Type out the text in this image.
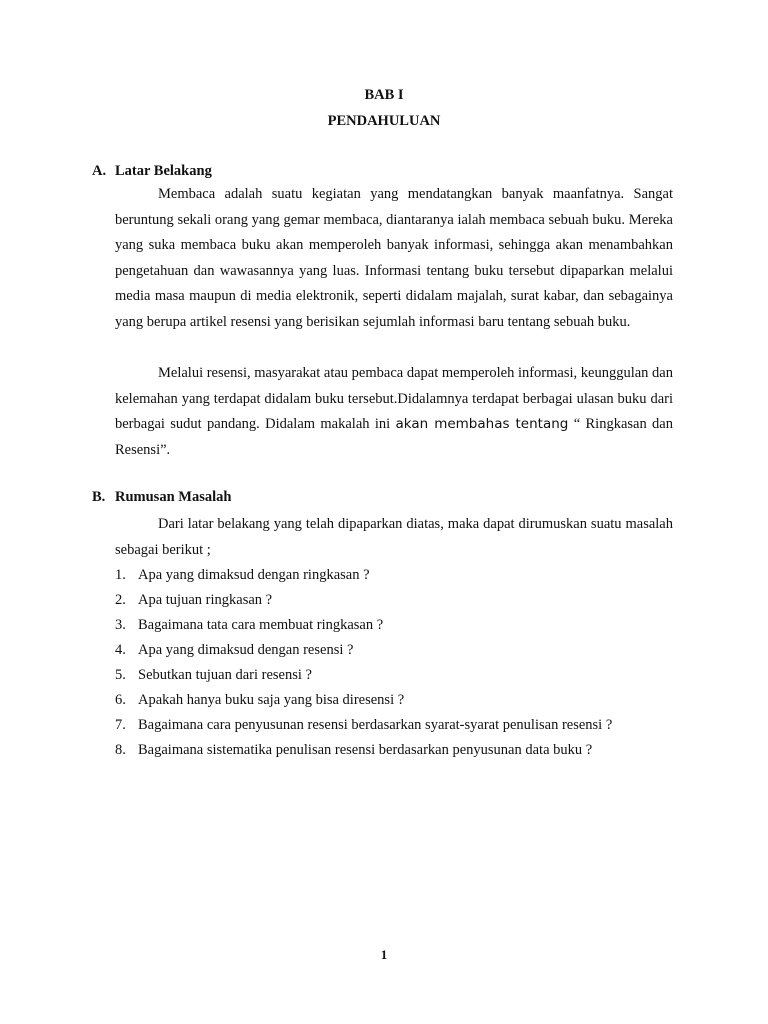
BAB I
PENDAHULUAN
A. Latar Belakang

Membaca adalah suatu kegiatan yang mendatangkan banyak maanfatnya. Sangat beruntung sekali orang yang gemar membaca, diantaranya ialah membaca sebuah buku. Mereka yang suka membaca buku akan memperoleh banyak informasi, sehingga akan menambahkan pengetahuan dan wawasannya yang luas. Informasi tentang buku tersebut dipaparkan melalui media masa maupun di media elektronik, seperti didalam majalah, surat kabar, dan sebagainya yang berupa artikel resensi yang berisikan sejumlah informasi baru tentang sebuah buku.

Melalui resensi, masyarakat atau pembaca dapat memperoleh informasi, keunggulan dan kelemahan yang terdapat didalam buku tersebut.Didalamnya terdapat berbagai ulasan buku dari berbagai sudut pandang. Didalam makalah ini akan membahas tentang “ Ringkasan dan Resensi”.

B. Rumusan Masalah

Dari latar belakang yang telah dipaparkan diatas, maka dapat dirumuskan suatu masalah sebagai berikut ;

1. Apa yang dimaksud dengan ringkasan ?
2. Apa tujuan ringkasan ?
3. Bagaimana tata cara membuat ringkasan ?
4. Apa yang dimaksud dengan resensi ?
5. Sebutkan tujuan dari resensi ?
6. Apakah hanya buku saja yang bisa diresensi ?
7. Bagaimana cara penyusunan resensi berdasarkan syarat-syarat penulisan resensi ?
8. Bagaimana sistematika penulisan resensi berdasarkan penyusunan data buku ?
1
